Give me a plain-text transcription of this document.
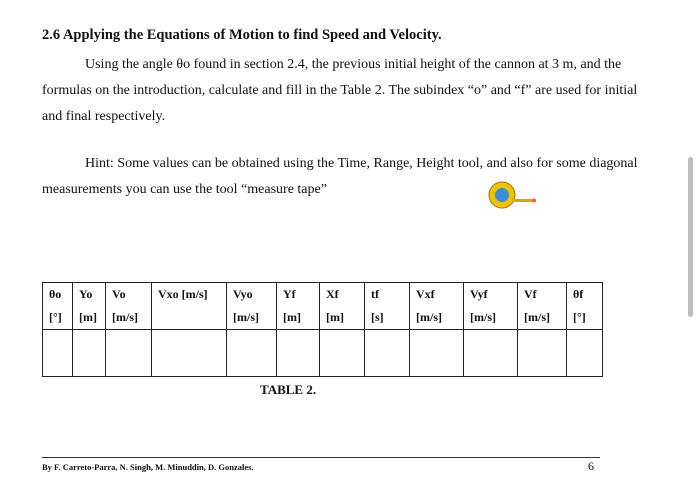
2.6 Applying the Equations of Motion to find Speed and Velocity.
Using the angle θo found in section 2.4, the previous initial height of the cannon at 3 m, and the formulas on the introduction, calculate and fill in the Table 2. The subindex “o” and “f” are used for initial and final respectively.
Hint: Some values can be obtained using the Time, Range, Height tool, and also for some diagonal measurements you can use the tool “measure tape”
θo	Yo	Vo	Vxo [m/s]	Vyo	Yf	Xf	tf	Vxf	Vyf	Vf	θf
[°]	[m]	[m/s]		[m/s]	[m]	[m]	[s]	[m/s]	[m/s]	[m/s]	[°]

TABLE 2.
By F. Carreto-Parra, N. Singh, M. Minuddin, D. Gonzales.	6
